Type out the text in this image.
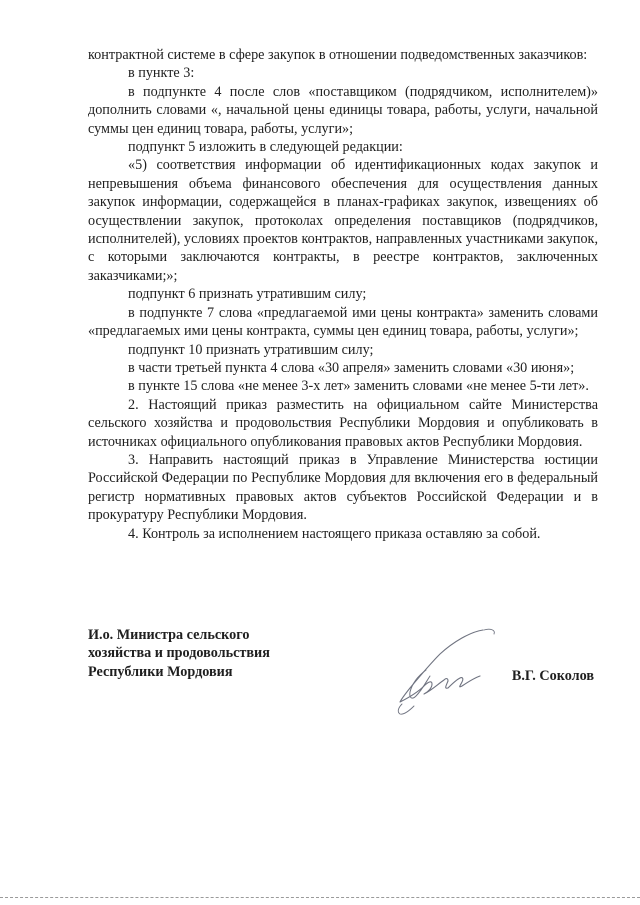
контрактной системе в сфере закупок в отношении подведомственных заказчиков:

в пункте 3:

в подпункте 4 после слов «поставщиком (подрядчиком, исполнителем)» дополнить словами «, начальной цены единицы товара, работы, услуги, начальной суммы цен единиц товара, работы, услуги»;

подпункт 5 изложить в следующей редакции:

«5) соответствия информации об идентификационных кодах закупок и непревышения объема финансового обеспечения для осуществления данных закупок информации, содержащейся в планах-графиках закупок, извещениях об осуществлении закупок, протоколах определения поставщиков (подрядчиков, исполнителей), условиях проектов контрактов, направленных участниками закупок, с которыми заключаются контракты, в реестре контрактов, заключенных заказчиками;»;

подпункт 6 признать утратившим силу;

в подпункте 7 слова «предлагаемой ими цены контракта» заменить словами «предлагаемых ими цены контракта, суммы цен единиц товара, работы, услуги»;

подпункт 10 признать утратившим силу;

в части третьей пункта 4 слова «30 апреля» заменить словами «30 июня»;

в пункте 15 слова «не менее 3-х лет» заменить словами «не менее 5-ти лет».

2. Настоящий приказ разместить на официальном сайте Министерства сельского хозяйства и продовольствия Республики Мордовия и опубликовать в источниках официального опубликования правовых актов Республики Мордовия.

3. Направить настоящий приказ в Управление Министерства юстиции Российской Федерации по Республике Мордовия для включения его в федеральный регистр нормативных правовых актов субъектов Российской Федерации и в прокуратуру Республики Мордовия.

4. Контроль за исполнением настоящего приказа оставляю за собой.

И.о. Министра сельского
хозяйства и продовольствия
Республики Мордовия	В.Г. Соколов
